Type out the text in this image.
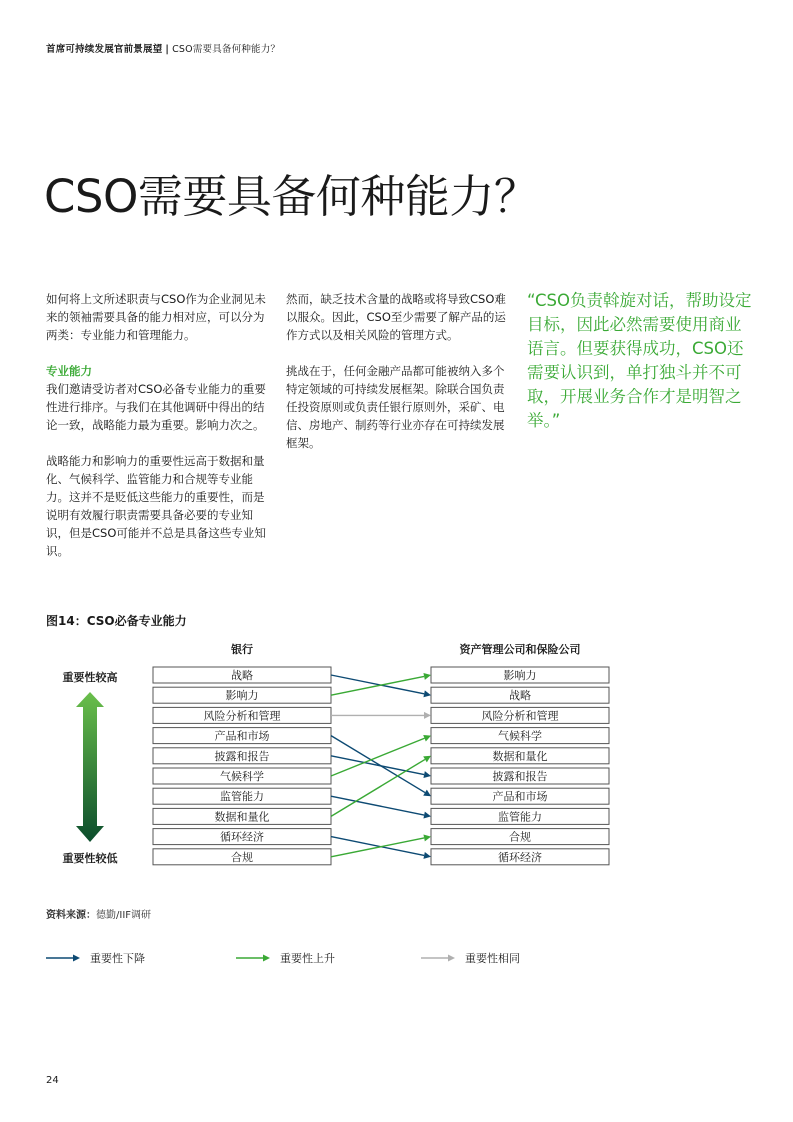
首席可持续发展官前景展望 | CSO需要具备何种能力？
CSO需要具备何种能力？

如何将上文所述职责与CSO作为企业洞见未来的领袖需要具备的能力相对应，可以分为两类：专业能力和管理能力。

专业能力

我们邀请受访者对CSO必备专业能力的重要性进行排序。与我们在其他调研中得出的结论一致，战略能力最为重要。影响力次之。

战略能力和影响力的重要性远高于数据和量化、气候科学、监管能力和合规等专业能力。这并不是贬低这些能力的重要性，而是说明有效履行职责需要具备必要的专业知识，但是CSO可能并不总是具备这些专业知识。

然而，缺乏技术含量的战略或将导致CSO难以服众。因此，CSO至少需要了解产品的运作方式以及相关风险的管理方式。

挑战在于，任何金融产品都可能被纳入多个特定领域的可持续发展框架。除联合国负责任投资原则或负责任银行原则外，采矿、电信、房地产、制药等行业亦存在可持续发展框架。

“CSO负责斡旋对话，帮助设定目标，因此必然需要使用商业语言。但要获得成功，CSO还需要认识到，单打独斗并不可取，开展业务合作才是明智之举。”
图14：CSO必备专业能力
银行	资产管理公司和保险公司
重要性较高
重要性较低
战略
影响力
风险分析和管理
产品和市场
披露和报告
气候科学
监管能力
数据和量化
循环经济
合规
影响力
战略
风险分析和管理
气候科学
数据和量化
披露和报告
产品和市场
监管能力
合规
循环经济
资料来源：德勤/IIF调研
重要性下降	重要性上升	重要性相同
24
